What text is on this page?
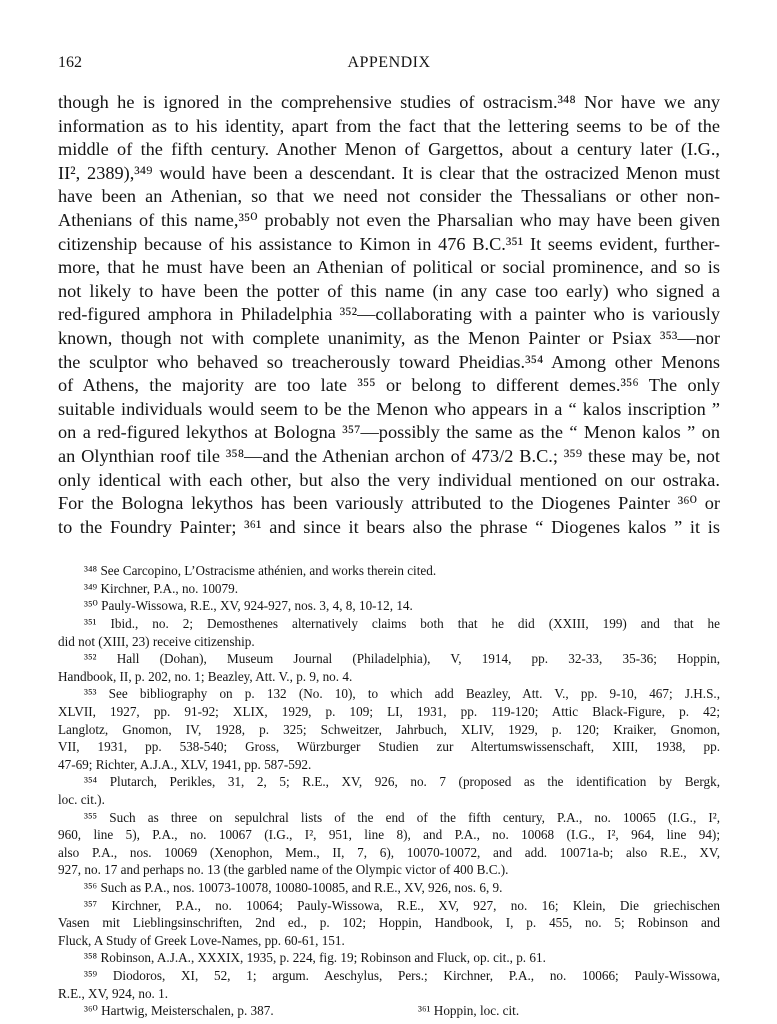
162	APPENDIX
though he is ignored in the comprehensive studies of ostracism.³⁴⁸ Nor have we any
information as to his identity, apart from the fact that the lettering seems to be of the
middle of the fifth century. Another Menon of Gargettos, about a century later (I.G.,
II², 2389),³⁴⁹ would have been a descendant. It is clear that the ostracized Menon must
have been an Athenian, so that we need not consider the Thessalians or other non-
Athenians of this name,³⁵⁰ probably not even the Pharsalian who may have been given
citizenship because of his assistance to Kimon in 476 B.C.³⁵¹ It seems evident, further-
more, that he must have been an Athenian of political or social prominence, and so is
not likely to have been the potter of this name (in any case too early) who signed a
red-figured amphora in Philadelphia ³⁵²—collaborating with a painter who is variously
known, though not with complete unanimity, as the Menon Painter or Psiax ³⁵³—nor
the sculptor who behaved so treacherously toward Pheidias.³⁵⁴ Among other Menons
of Athens, the majority are too late ³⁵⁵ or belong to different demes.³⁵⁶ The only
suitable individuals would seem to be the Menon who appears in a “ kalos inscription ”
on a red-figured lekythos at Bologna ³⁵⁷—possibly the same as the “ Menon kalos ” on
an Olynthian roof tile ³⁵⁸—and the Athenian archon of 473/2 B.C.; ³⁵⁹ these may be, not
only identical with each other, but also the very individual mentioned on our ostraka.
For the Bologna lekythos has been variously attributed to the Diogenes Painter ³⁶⁰ or
to the Foundry Painter; ³⁶¹ and since it bears also the phrase “ Diogenes kalos ” it is
³⁴⁸ See Carcopino, L’Ostracisme athénien, and works therein cited.
³⁴⁹ Kirchner, P.A., no. 10079.
³⁵⁰ Pauly-Wissowa, R.E., XV, 924-927, nos. 3, 4, 8, 10-12, 14.
³⁵¹ Ibid., no. 2; Demosthenes alternatively claims both that he did (XXIII, 199) and that he
did not (XIII, 23) receive citizenship.
³⁵² Hall (Dohan), Museum Journal (Philadelphia), V, 1914, pp. 32-33, 35-36; Hoppin,
Handbook, II, p. 202, no. 1; Beazley, Att. V., p. 9, no. 4.
³⁵³ See bibliography on p. 132 (No. 10), to which add Beazley, Att. V., pp. 9-10, 467; J.H.S.,
XLVII, 1927, pp. 91-92; XLIX, 1929, p. 109; LI, 1931, pp. 119-120; Attic Black-Figure, p. 42;
Langlotz, Gnomon, IV, 1928, p. 325; Schweitzer, Jahrbuch, XLIV, 1929, p. 120; Kraiker, Gnomon,
VII, 1931, pp. 538-540; Gross, Würzburger Studien zur Altertumswissenschaft, XIII, 1938, pp.
47-69; Richter, A.J.A., XLV, 1941, pp. 587-592.
³⁵⁴ Plutarch, Perikles, 31, 2, 5; R.E., XV, 926, no. 7 (proposed as the identification by Bergk,
loc. cit.).
³⁵⁵ Such as three on sepulchral lists of the end of the fifth century, P.A., no. 10065 (I.G., I²,
960, line 5), P.A., no. 10067 (I.G., I², 951, line 8), and P.A., no. 10068 (I.G., I², 964, line 94);
also P.A., nos. 10069 (Xenophon, Mem., II, 7, 6), 10070-10072, and add. 10071a-b; also R.E., XV,
927, no. 17 and perhaps no. 13 (the garbled name of the Olympic victor of 400 B.C.).
³⁵⁶ Such as P.A., nos. 10073-10078, 10080-10085, and R.E., XV, 926, nos. 6, 9.
³⁵⁷ Kirchner, P.A., no. 10064; Pauly-Wissowa, R.E., XV, 927, no. 16; Klein, Die griechischen
Vasen mit Lieblingsinschriften, 2nd ed., p. 102; Hoppin, Handbook, I, p. 455, no. 5; Robinson and
Fluck, A Study of Greek Love-Names, pp. 60-61, 151.
³⁵⁸ Robinson, A.J.A., XXXIX, 1935, p. 224, fig. 19; Robinson and Fluck, op. cit., p. 61.
³⁵⁹ Diodoros, XI, 52, 1; argum. Aeschylus, Pers.; Kirchner, P.A., no. 10066; Pauly-Wissowa,
R.E., XV, 924, no. 1.
³⁶⁰ Hartwig, Meisterschalen, p. 387.	³⁶¹ Hoppin, loc. cit.
